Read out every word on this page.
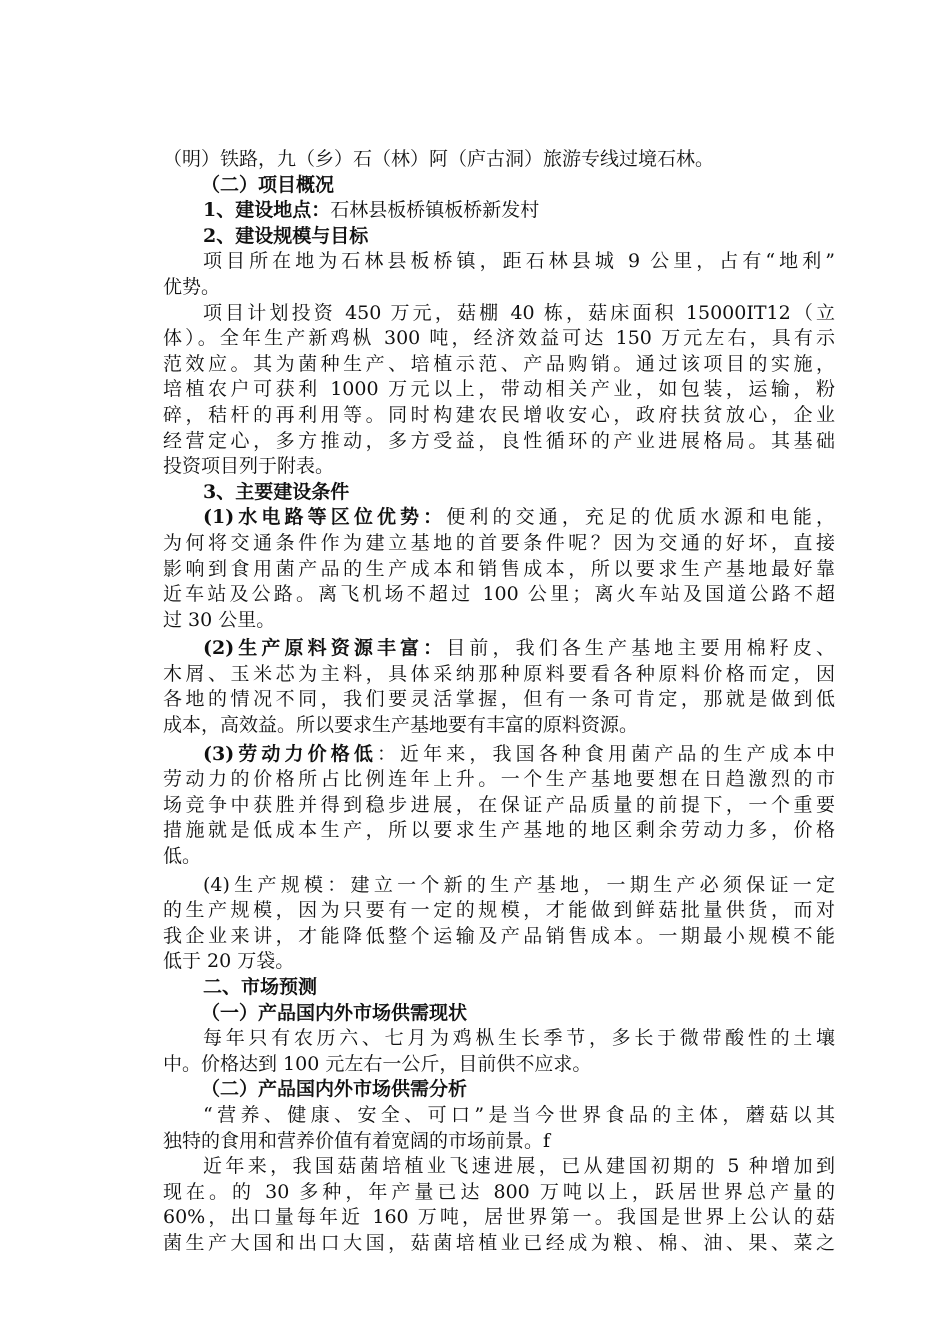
（明）铁路，九（乡）石（林）阿（庐古洞）旅游专线过境石林。
（二）项目概况
1、建设地点：石林县板桥镇板桥新发村
2、建设规模与目标
项目所在地为石林县板桥镇，距石林县城 9 公里，占有“地利”
优势。
项目计划投资 450 万元，菇棚 40 栋，菇床面积 15000IT12（立
体）。全年生产新鸡枞 300 吨，经济效益可达 150 万元左右，具有示
范效应。其为菌种生产、培植示范、产品购销。通过该项目的实施，
培植农户可获利 1000 万元以上，带动相关产业，如包装，运输，粉
碎，秸杆的再利用等。同时构建农民增收安心，政府扶贫放心，企业
经营定心，多方推动，多方受益，良性循环的产业进展格局。其基础
投资项目列于附表。
3、主要建设条件
(1)水电路等区位优势：便利的交通，充足的优质水源和电能，
为何将交通条件作为建立基地的首要条件呢？因为交通的好坏，直接
影响到食用菌产品的生产成本和销售成本，所以要求生产基地最好靠
近车站及公路。离飞机场不超过 100 公里；离火车站及国道公路不超
过 30 公里。
(2)生产原料资源丰富：目前，我们各生产基地主要用棉籽皮、
木屑、玉米芯为主料，具体采纳那种原料要看各种原料价格而定，因
各地的情况不同，我们要灵活掌握，但有一条可肯定，那就是做到低
成本，高效益。所以要求生产基地要有丰富的原料资源。
(3)劳动力价格低：近年来，我国各种食用菌产品的生产成本中
劳动力的价格所占比例连年上升。一个生产基地要想在日趋激烈的市
场竞争中获胜并得到稳步进展，在保证产品质量的前提下，一个重要
措施就是低成本生产，所以要求生产基地的地区剩余劳动力多，价格
低。
(4)生产规模：建立一个新的生产基地，一期生产必须保证一定
的生产规模，因为只要有一定的规模，才能做到鲜菇批量供货，而对
我企业来讲，才能降低整个运输及产品销售成本。一期最小规模不能
低于 20 万袋。
二、市场预测
（一）产品国内外市场供需现状
每年只有农历六、七月为鸡枞生长季节，多长于微带酸性的土壤
中。价格达到 100 元左右一公斤，目前供不应求。
（二）产品国内外市场供需分析
“营养、健康、安全、可口”是当今世界食品的主体，蘑菇以其
独特的食用和营养价值有着宽阔的市场前景。f
近年来，我国菇菌培植业飞速进展，已从建国初期的 5 种增加到
现在。的 30 多种，年产量已达 800 万吨以上，跃居世界总产量的
60%，出口量每年近 160 万吨，居世界第一。我国是世界上公认的菇
菌生产大国和出口大国，菇菌培植业已经成为粮、棉、油、果、菜之
